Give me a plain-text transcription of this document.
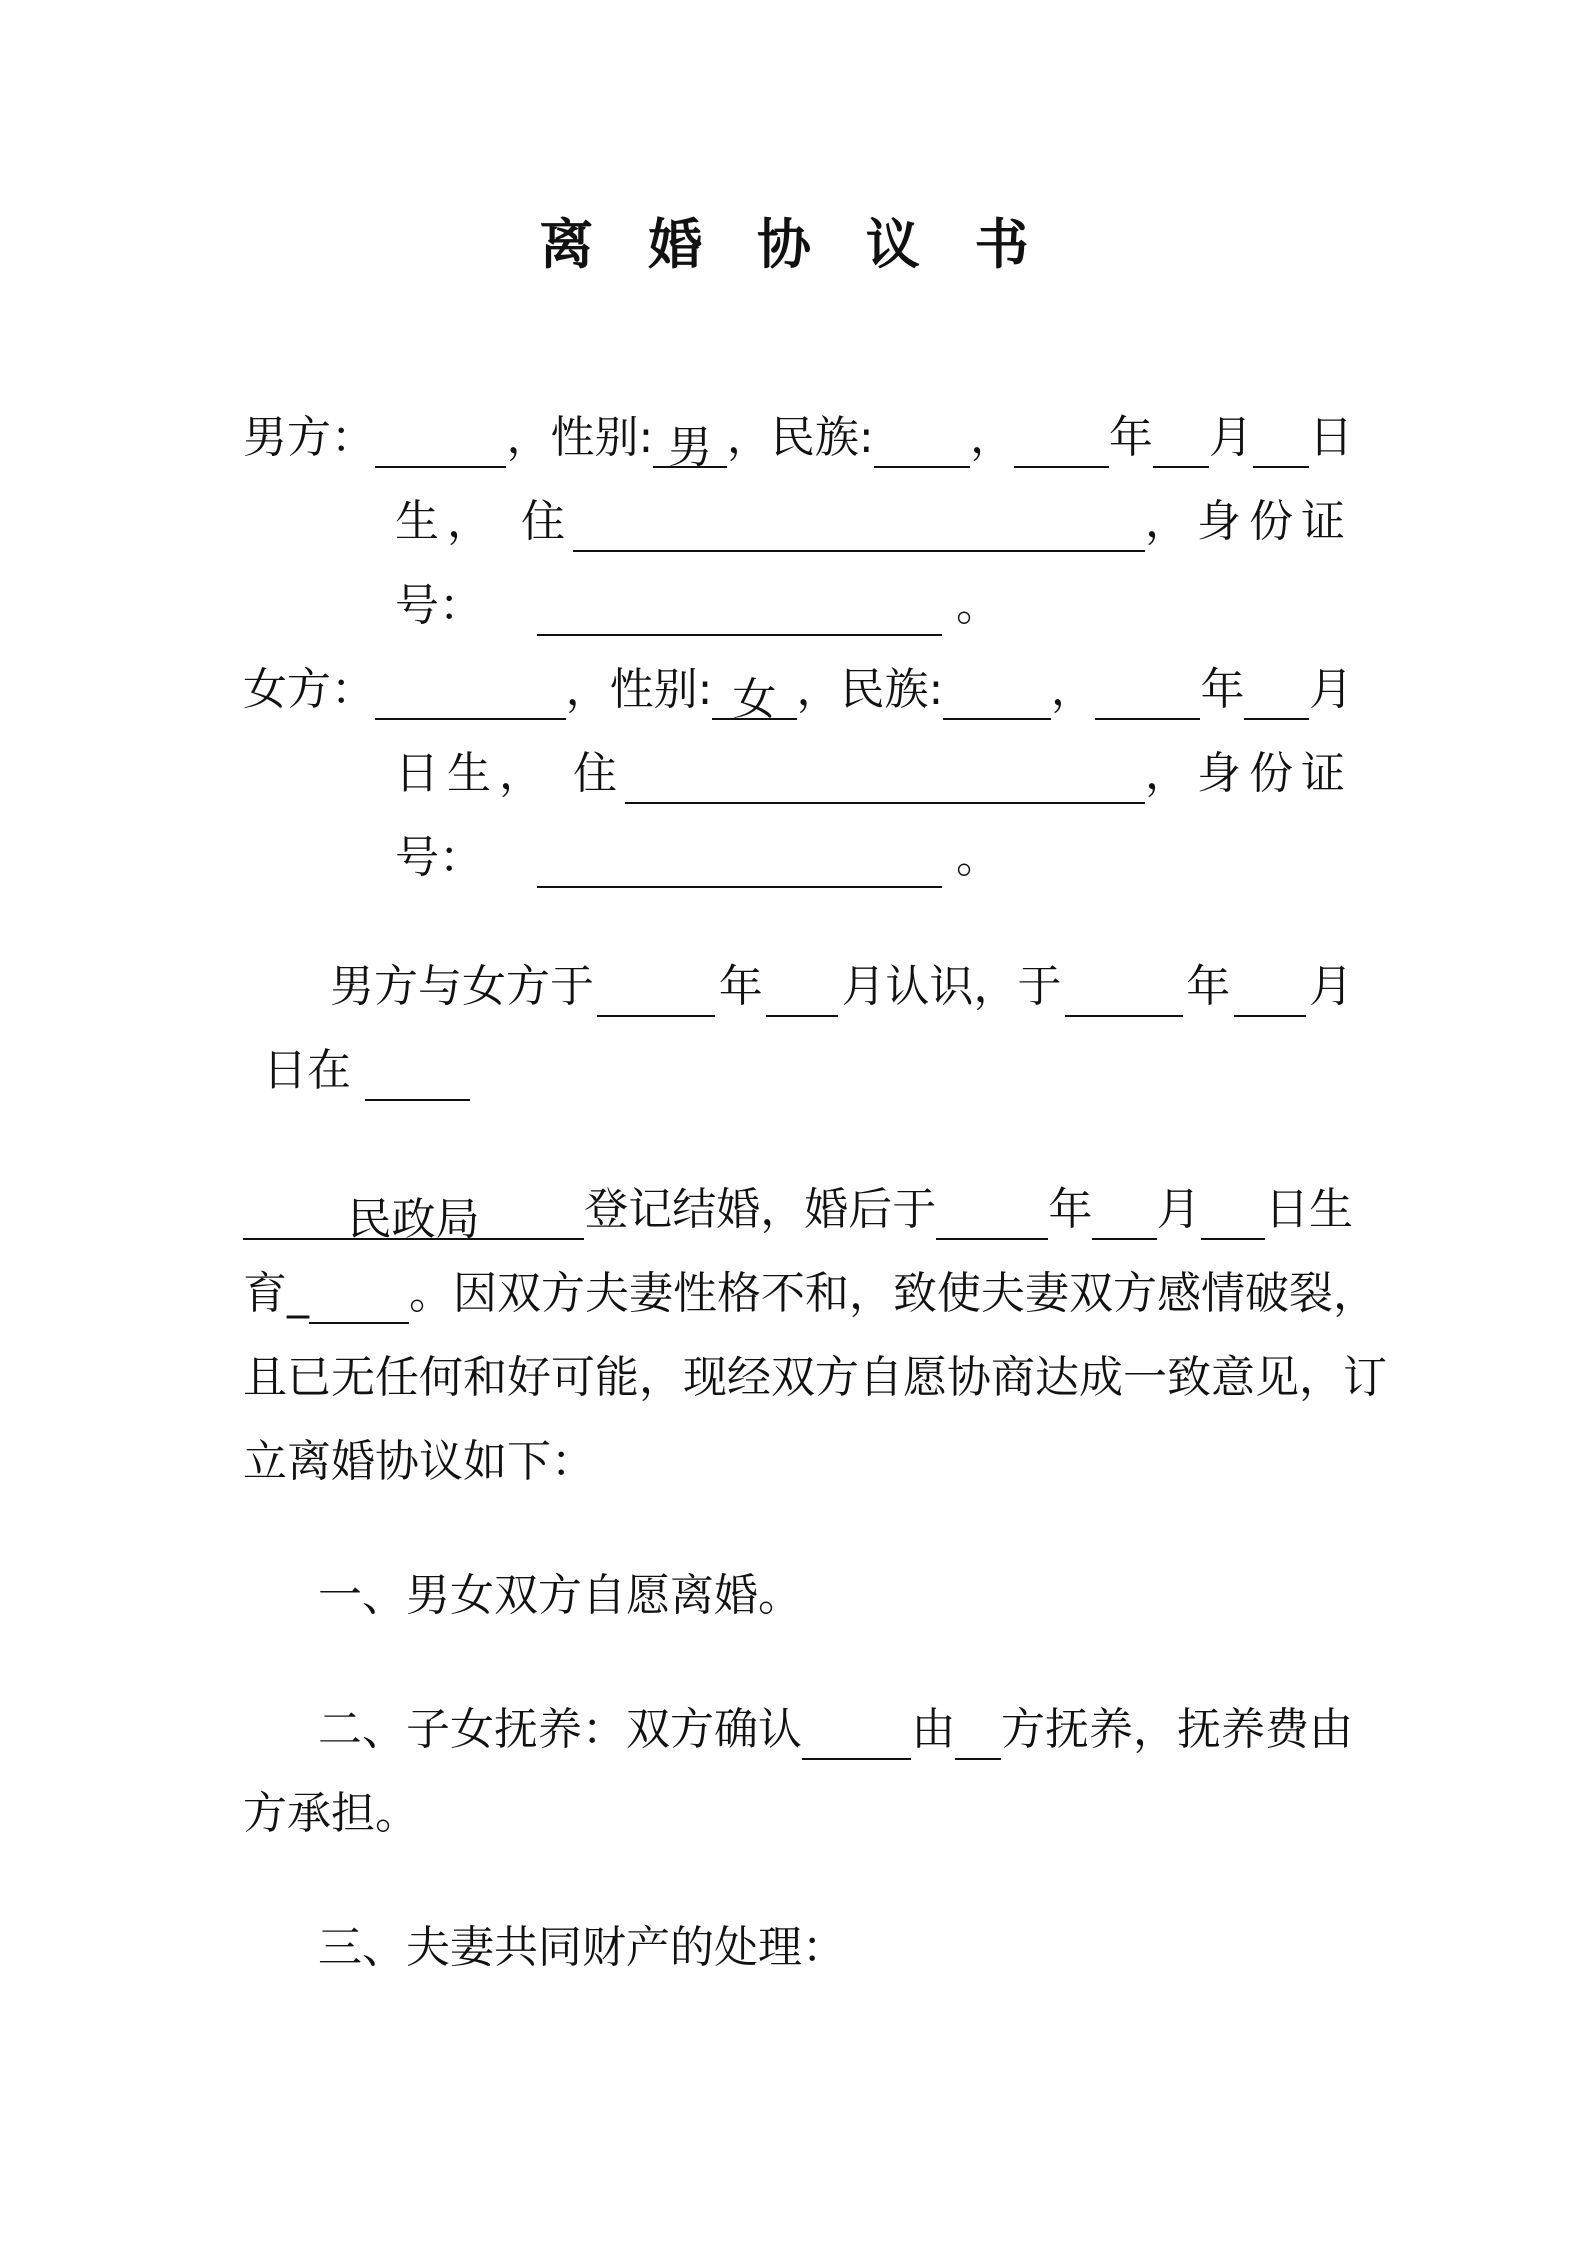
离 婚 协 议 书
男方：	，性别: 男 ，民族: ， 年 月 日
生， 住	，身份证
号：	。
女方：	，性别: 女 ，民族: ， 年 月
日生， 住	，身份证
号：	。
男方与女方于	年 月认识，于	年 月
日在
民政局	登记结婚，婚后于	年 月 日生
育_ 。因双方夫妻性格不和，致使夫妻双方感情破裂，
且已无任何和好可能，现经双方自愿协商达成一致意见，订
立离婚协议如下：
一、男女双方自愿离婚。
二、子女抚养：双方确认 由 方抚养，抚养费由
方承担。
三、夫妻共同财产的处理：
